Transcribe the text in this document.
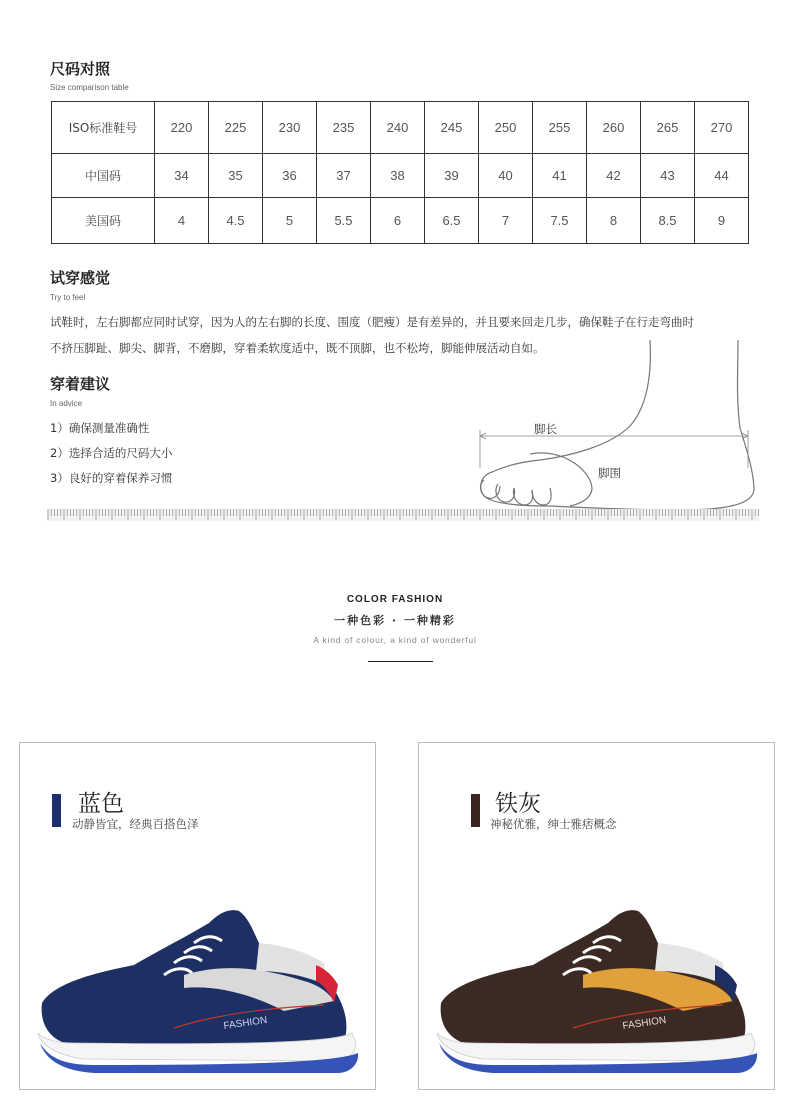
尺码对照
Size comparison table
ISO标准鞋号	220	225	230	235	240	245	250	255	260	265	270
中国码	34	35	36	37	38	39	40	41	42	43	44
美国码	4	4.5	5	5.5	6	6.5	7	7.5	8	8.5	9
试穿感觉
Try to feel
试鞋时，左右脚都应同时试穿，因为人的左右脚的长度、围度（肥瘦）是有差异的，并且要来回走几步，确保鞋子在行走弯曲时
不挤压脚趾、脚尖、脚背，不磨脚，穿着柔软度适中，既不顶脚，也不松垮，脚能伸展活动自如。
穿着建议
In advice
1）确保测量准确性
2）选择合适的尺码大小
3）良好的穿着保养习惯
脚长
脚围
COLOR FASHION
一种色彩 · 一种精彩
A kind of colour, a kind of wonderful
蓝色
动静皆宜，经典百搭色泽
FASHION
铁灰
神秘优雅，绅士雅痞概念
FASHION
